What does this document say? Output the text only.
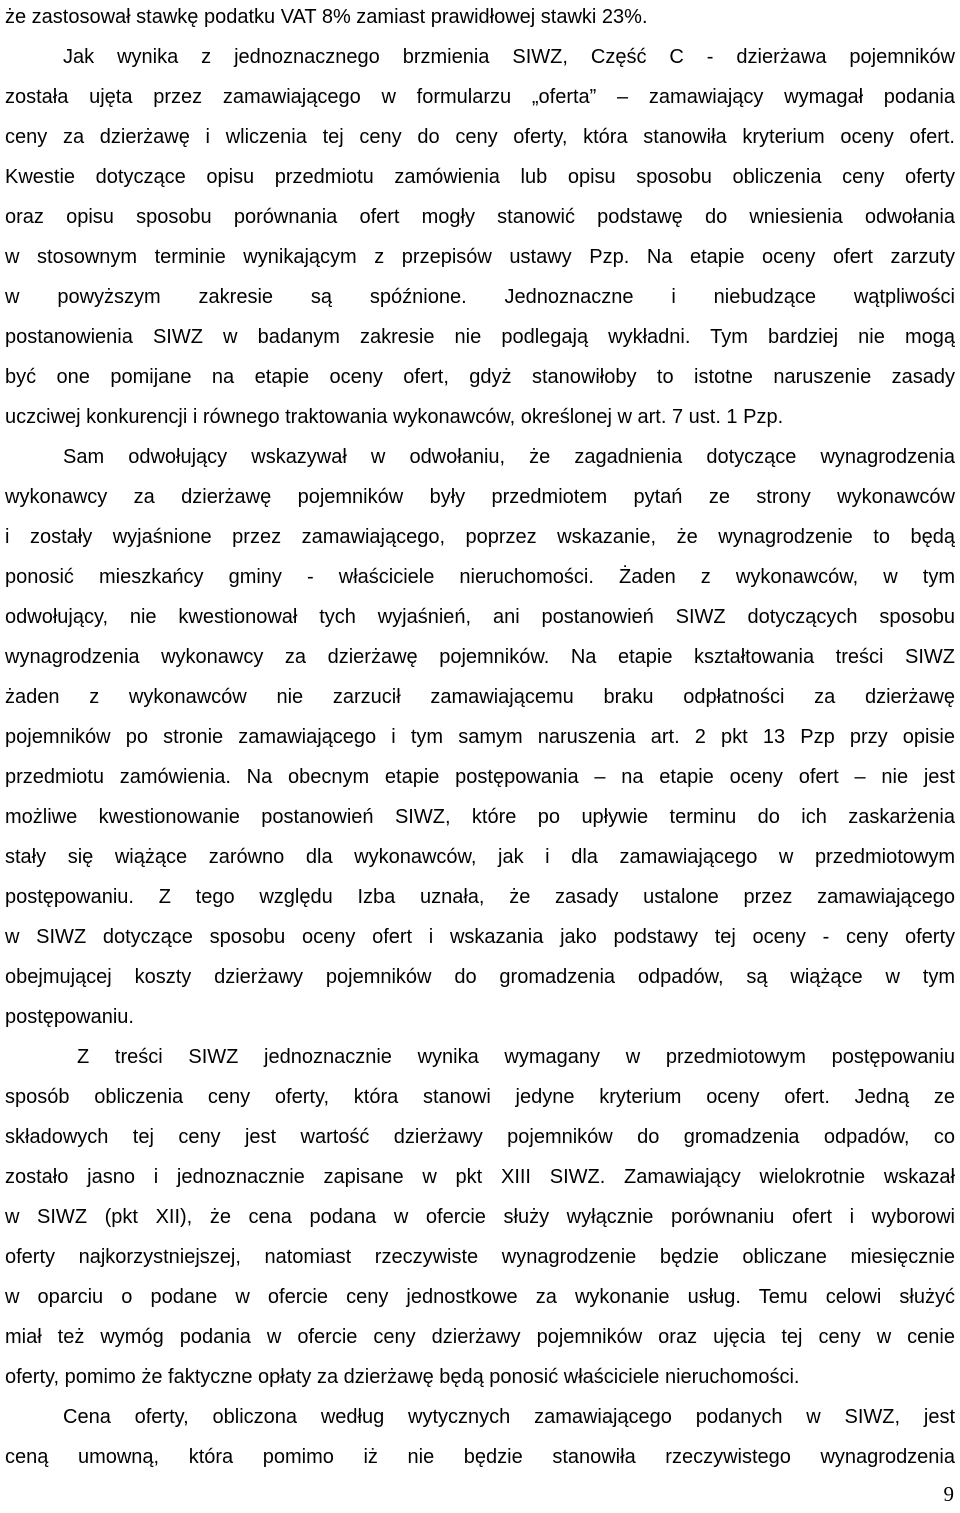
że zastosował stawkę podatku VAT 8% zamiast prawidłowej stawki 23%.
Jak wynika z jednoznacznego brzmienia SIWZ, Część C - dzierżawa pojemników
została ujęta przez zamawiającego w formularzu „oferta” – zamawiający wymagał podania
ceny za dzierżawę i wliczenia tej ceny do ceny oferty, która stanowiła kryterium oceny ofert.
Kwestie dotyczące opisu przedmiotu zamówienia lub opisu sposobu obliczenia ceny oferty
oraz opisu sposobu porównania ofert mogły stanowić podstawę do wniesienia odwołania
w stosownym terminie wynikającym z przepisów ustawy Pzp. Na etapie oceny ofert zarzuty
w powyższym zakresie są spóźnione. Jednoznaczne i niebudzące wątpliwości
postanowienia SIWZ w badanym zakresie nie podlegają wykładni. Tym bardziej nie mogą
być one pomijane na etapie oceny ofert, gdyż stanowiłoby to istotne naruszenie zasady
uczciwej konkurencji i równego traktowania wykonawców, określonej w art. 7 ust. 1 Pzp.
Sam odwołujący wskazywał w odwołaniu, że zagadnienia dotyczące wynagrodzenia
wykonawcy za dzierżawę pojemników były przedmiotem pytań ze strony wykonawców
i zostały wyjaśnione przez zamawiającego, poprzez wskazanie, że wynagrodzenie to będą
ponosić mieszkańcy gminy - właściciele nieruchomości. Żaden z wykonawców, w tym
odwołujący, nie kwestionował tych wyjaśnień, ani postanowień SIWZ dotyczących sposobu
wynagrodzenia wykonawcy za dzierżawę pojemników. Na etapie kształtowania treści SIWZ
żaden z wykonawców nie zarzucił zamawiającemu braku odpłatności za dzierżawę
pojemników po stronie zamawiającego i tym samym naruszenia art. 2 pkt 13 Pzp przy opisie
przedmiotu zamówienia. Na obecnym etapie postępowania – na etapie oceny ofert – nie jest
możliwe kwestionowanie postanowień SIWZ, które po upływie terminu do ich zaskarżenia
stały się wiążące zarówno dla wykonawców, jak i dla zamawiającego w przedmiotowym
postępowaniu. Z tego względu Izba uznała, że zasady ustalone przez zamawiającego
w SIWZ dotyczące sposobu oceny ofert i wskazania jako podstawy tej oceny - ceny oferty
obejmującej koszty dzierżawy pojemników do gromadzenia odpadów, są wiążące w tym
postępowaniu.
Z treści SIWZ jednoznacznie wynika wymagany w przedmiotowym postępowaniu
sposób obliczenia ceny oferty, która stanowi jedyne kryterium oceny ofert. Jedną ze
składowych tej ceny jest wartość dzierżawy pojemników do gromadzenia odpadów, co
zostało jasno i jednoznacznie zapisane w pkt XIII SIWZ. Zamawiający wielokrotnie wskazał
w SIWZ (pkt XII), że cena podana w ofercie służy wyłącznie porównaniu ofert i wyborowi
oferty najkorzystniejszej, natomiast rzeczywiste wynagrodzenie będzie obliczane miesięcznie
w oparciu o podane w ofercie ceny jednostkowe za wykonanie usług. Temu celowi służyć
miał też wymóg podania w ofercie ceny dzierżawy pojemników oraz ujęcia tej ceny w cenie
oferty, pomimo że faktyczne opłaty za dzierżawę będą ponosić właściciele nieruchomości.
Cena oferty, obliczona według wytycznych zamawiającego podanych w SIWZ, jest
ceną umowną, która pomimo iż nie będzie stanowiła rzeczywistego wynagrodzenia
9
